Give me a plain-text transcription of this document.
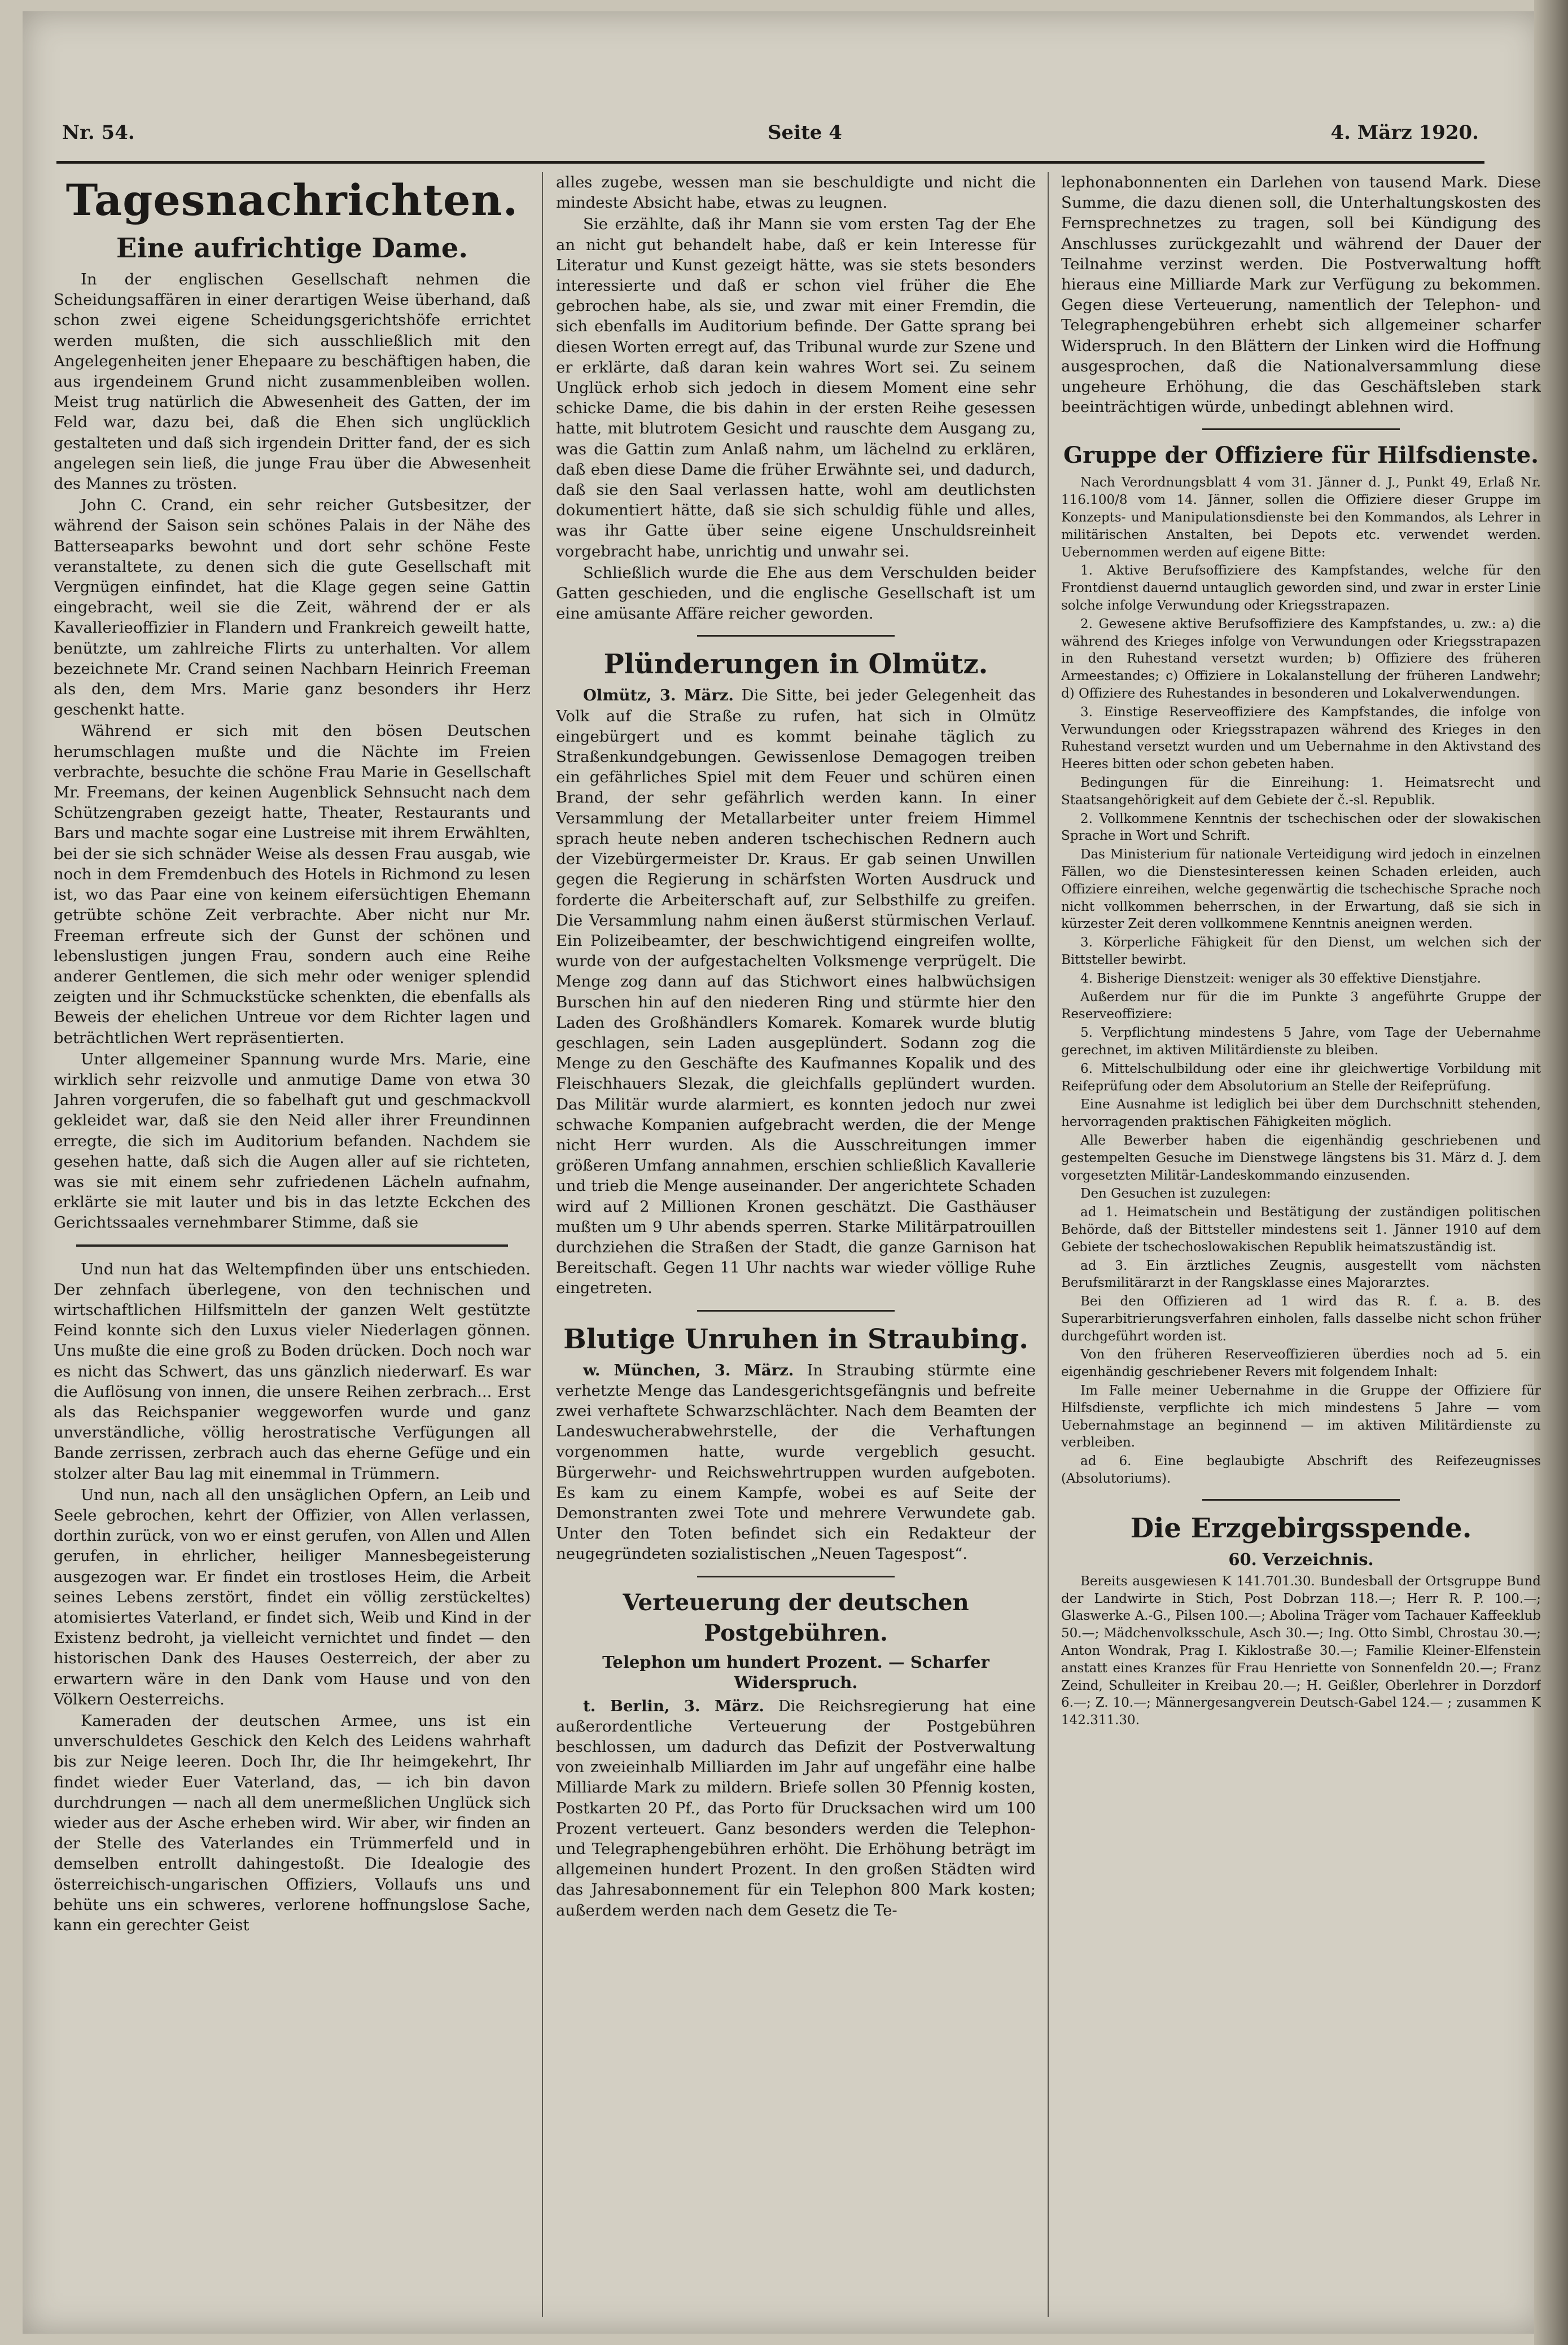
Nr. 54.	Seite 4	4. März 1920.
Tagesnachrichten.
Eine aufrichtige Dame.

In der englischen Gesellschaft nehmen die Scheidungsaffären in einer derartigen Weise überhand, daß schon zwei eigene Scheidungsgerichtshöfe errichtet werden mußten, die sich ausschließlich mit den Angelegenheiten jener Ehepaare zu beschäftigen haben, die aus irgendeinem Grund nicht zusammenbleiben wollen. Meist trug natürlich die Abwesenheit des Gatten, der im Feld war, dazu bei, daß die Ehen sich unglücklich gestalteten und daß sich irgendein Dritter fand, der es sich angelegen sein ließ, die junge Frau über die Abwesenheit des Mannes zu trösten.

John C. Crand, ein sehr reicher Gutsbesitzer, der während der Saison sein schönes Palais in der Nähe des Batterseaparks bewohnt und dort sehr schöne Feste veranstaltete, zu denen sich die gute Gesellschaft mit Vergnügen einfindet, hat die Klage gegen seine Gattin eingebracht, weil sie die Zeit, während der er als Kavallerieoffizier in Flandern und Frankreich geweilt hatte, benützte, um zahlreiche Flirts zu unterhalten. Vor allem bezeichnete Mr. Crand seinen Nachbarn Heinrich Freeman als den, dem Mrs. Marie ganz besonders ihr Herz geschenkt hatte.

Während er sich mit den bösen Deutschen herumschlagen mußte und die Nächte im Freien verbrachte, besuchte die schöne Frau Marie in Gesellschaft Mr. Freemans, der keinen Augenblick Sehnsucht nach dem Schützengraben gezeigt hatte, Theater, Restaurants und Bars und machte sogar eine Lustreise mit ihrem Erwählten, bei der sie sich schnäder Weise als dessen Frau ausgab, wie noch in dem Fremdenbuch des Hotels in Richmond zu lesen ist, wo das Paar eine von keinem eifersüchtigen Ehemann getrübte schöne Zeit verbrachte. Aber nicht nur Mr. Freeman erfreute sich der Gunst der schönen und lebenslustigen jungen Frau, sondern auch eine Reihe anderer Gentlemen, die sich mehr oder weniger splendid zeigten und ihr Schmuckstücke schenkten, die ebenfalls als Beweis der ehelichen Untreue vor dem Richter lagen und beträchtlichen Wert repräsentierten.

Unter allgemeiner Spannung wurde Mrs. Marie, eine wirklich sehr reizvolle und anmutige Dame von etwa 30 Jahren vorgerufen, die so fabelhaft gut und geschmackvoll gekleidet war, daß sie den Neid aller ihrer Freundinnen erregte, die sich im Auditorium befanden. Nachdem sie gesehen hatte, daß sich die Augen aller auf sie richteten, was sie mit einem sehr zufriedenen Lächeln aufnahm, erklärte sie mit lauter und bis in das letzte Eckchen des Gerichtssaales vernehmbarer Stimme, daß sie

Und nun hat das Weltempfinden über uns entschieden. Der zehnfach überlegene, von den technischen und wirtschaftlichen Hilfsmitteln der ganzen Welt gestützte Feind konnte sich den Luxus vieler Niederlagen gönnen. Uns mußte die eine groß zu Boden drücken. Doch noch war es nicht das Schwert, das uns gänzlich niederwarf. Es war die Auflösung von innen, die unsere Reihen zerbrach... Erst als das Reichspanier weggeworfen wurde und ganz unverständliche, völlig herostratische Verfügungen all Bande zerrissen, zerbrach auch das eherne Gefüge und ein stolzer alter Bau lag mit einemmal in Trümmern.

Und nun, nach all den unsäglichen Opfern, an Leib und Seele gebrochen, kehrt der Offizier, von Allen verlassen, dorthin zurück, von wo er einst gerufen, von Allen und Allen gerufen, in ehrlicher, heiliger Mannesbegeisterung ausgezogen war. Er findet ein trostloses Heim, die Arbeit seines Lebens zerstört, findet ein völlig zerstückeltes) atomisiertes Vaterland, er findet sich, Weib und Kind in der Existenz bedroht, ja vielleicht vernichtet und findet — den historischen Dank des Hauses Oesterreich, der aber zu erwartern wäre in den Dank vom Hause und von den Völkern Oesterreichs.

Kameraden der deutschen Armee, uns ist ein unverschuldetes Geschick den Kelch des Leidens wahrhaft bis zur Neige leeren. Doch Ihr, die Ihr heimgekehrt, Ihr findet wieder Euer Vaterland, das, — ich bin davon durchdrungen — nach all dem unermeßlichen Unglück sich wieder aus der Asche erheben wird. Wir aber, wir finden an der Stelle des Vaterlandes ein Trümmerfeld und in demselben entrollt dahingestoßt. Die Idealogie des österreichisch-ungarischen Offiziers, Vollaufs uns und behüte uns ein schweres, verlorene hoffnungslose Sache, kann ein gerechter Geist

alles zugebe, wessen man sie beschuldigte und nicht die mindeste Absicht habe, etwas zu leugnen.

Sie erzählte, daß ihr Mann sie vom ersten Tag der Ehe an nicht gut behandelt habe, daß er kein Interesse für Literatur und Kunst gezeigt hätte, was sie stets besonders interessierte und daß er schon viel früher die Ehe gebrochen habe, als sie, und zwar mit einer Fremdin, die sich ebenfalls im Auditorium befinde. Der Gatte sprang bei diesen Worten erregt auf, das Tribunal wurde zur Szene und er erklärte, daß daran kein wahres Wort sei. Zu seinem Unglück erhob sich jedoch in diesem Moment eine sehr schicke Dame, die bis dahin in der ersten Reihe gesessen hatte, mit blutrotem Gesicht und rauschte dem Ausgang zu, was die Gattin zum Anlaß nahm, um lächelnd zu erklären, daß eben diese Dame die früher Erwähnte sei, und dadurch, daß sie den Saal verlassen hatte, wohl am deutlichsten dokumentiert hätte, daß sie sich schuldig fühle und alles, was ihr Gatte über seine eigene Unschuldsreinheit vorgebracht habe, unrichtig und unwahr sei.

Schließlich wurde die Ehe aus dem Verschulden beider Gatten geschieden, und die englische Gesellschaft ist um eine amüsante Affäre reicher geworden.

Plünderungen in Olmütz.

Olmütz, 3. März. Die Sitte, bei jeder Gelegenheit das Volk auf die Straße zu rufen, hat sich in Olmütz eingebürgert und es kommt beinahe täglich zu Straßenkundgebungen. Gewissenlose Demagogen treiben ein gefährliches Spiel mit dem Feuer und schüren einen Brand, der sehr gefährlich werden kann. In einer Versammlung der Metallarbeiter unter freiem Himmel sprach heute neben anderen tschechischen Rednern auch der Vizebürgermeister Dr. Kraus. Er gab seinen Unwillen gegen die Regierung in schärfsten Worten Ausdruck und forderte die Arbeiterschaft auf, zur Selbsthilfe zu greifen. Die Versammlung nahm einen äußerst stürmischen Verlauf. Ein Polizeibeamter, der beschwichtigend eingreifen wollte, wurde von der aufgestachelten Volksmenge verprügelt. Die Menge zog dann auf das Stichwort eines halbwüchsigen Burschen hin auf den niederen Ring und stürmte hier den Laden des Großhändlers Komarek. Komarek wurde blutig geschlagen, sein Laden ausgeplündert. Sodann zog die Menge zu den Geschäfte des Kaufmannes Kopalik und des Fleischhauers Slezak, die gleichfalls geplündert wurden. Das Militär wurde alarmiert, es konnten jedoch nur zwei schwache Kompanien aufgebracht werden, die der Menge nicht Herr wurden. Als die Ausschreitungen immer größeren Umfang annahmen, erschien schließlich Kavallerie und trieb die Menge auseinander. Der angerichtete Schaden wird auf 2 Millionen Kronen geschätzt. Die Gasthäuser mußten um 9 Uhr abends sperren. Starke Militärpatrouillen durchziehen die Straßen der Stadt, die ganze Garnison hat Bereitschaft. Gegen 11 Uhr nachts war wieder völlige Ruhe eingetreten.

Blutige Unruhen in Straubing.

w. München, 3. März. In Straubing stürmte eine verhetzte Menge das Landesgerichtsgefängnis und befreite zwei verhaftete Schwarzschlächter. Nach dem Beamten der Landeswucherabwehrstelle, der die Verhaftungen vorgenommen hatte, wurde vergeblich gesucht. Bürgerwehr- und Reichswehrtruppen wurden aufgeboten. Es kam zu einem Kampfe, wobei es auf Seite der Demonstranten zwei Tote und mehrere Verwundete gab. Unter den Toten befindet sich ein Redakteur der neugegründeten sozialistischen „Neuen Tagespost“.

Verteuerung der deutschen Postgebühren.
Telephon um hundert Prozent. — Scharfer Widerspruch.

t. Berlin, 3. März. Die Reichsregierung hat eine außerordentliche Verteuerung der Postgebühren beschlossen, um dadurch das Defizit der Postverwaltung von zweieinhalb Milliarden im Jahr auf ungefähr eine halbe Milliarde Mark zu mildern. Briefe sollen 30 Pfennig kosten, Postkarten 20 Pf., das Porto für Drucksachen wird um 100 Prozent verteuert. Ganz besonders werden die Telephon- und Telegraphengebühren erhöht. Die Erhöhung beträgt im allgemeinen hundert Prozent. In den großen Städten wird das Jahresabonnement für ein Telephon 800 Mark kosten; außerdem werden nach dem Gesetz die Te-

lephonabonnenten ein Darlehen von tausend Mark. Diese Summe, die dazu dienen soll, die Unterhaltungskosten des Fernsprechnetzes zu tragen, soll bei Kündigung des Anschlusses zurückgezahlt und während der Dauer der Teilnahme verzinst werden. Die Postverwaltung hofft hieraus eine Milliarde Mark zur Verfügung zu bekommen. Gegen diese Verteuerung, namentlich der Telephon- und Telegraphengebühren erhebt sich allgemeiner scharfer Widerspruch. In den Blättern der Linken wird die Hoffnung ausgesprochen, daß die Nationalversammlung diese ungeheure Erhöhung, die das Geschäftsleben stark beeinträchtigen würde, unbedingt ablehnen wird.

Gruppe der Offiziere für Hilfsdienste.

Nach Verordnungsblatt 4 vom 31. Jänner d. J., Punkt 49, Erlaß Nr. 116.100/8 vom 14. Jänner, sollen die Offiziere dieser Gruppe im Konzepts- und Manipulationsdienste bei den Kommandos, als Lehrer in militärischen Anstalten, bei Depots etc. verwendet werden. Uebernommen werden auf eigene Bitte:

1. Aktive Berufsoffiziere des Kampfstandes, welche für den Frontdienst dauernd untauglich geworden sind, und zwar in erster Linie solche infolge Verwundung oder Kriegsstrapazen.

2. Gewesene aktive Berufsoffiziere des Kampfstandes, u. zw.: a) die während des Krieges infolge von Verwundungen oder Kriegsstrapazen in den Ruhestand versetzt wurden; b) Offiziere des früheren Armeestandes; c) Offiziere in Lokalanstellung der früheren Landwehr; d) Offiziere des Ruhestandes in besonderen und Lokalverwendungen.

3. Einstige Reserveoffiziere des Kampfstandes, die infolge von Verwundungen oder Kriegsstrapazen während des Krieges in den Ruhestand versetzt wurden und um Uebernahme in den Aktivstand des Heeres bitten oder schon gebeten haben.

Bedingungen für die Einreihung: 1. Heimatsrecht und Staatsangehörigkeit auf dem Gebiete der č.-sl. Republik.

2. Vollkommene Kenntnis der tschechischen oder der slowakischen Sprache in Wort und Schrift.

Das Ministerium für nationale Verteidigung wird jedoch in einzelnen Fällen, wo die Dienstesinteressen keinen Schaden erleiden, auch Offiziere einreihen, welche gegenwärtig die tschechische Sprache noch nicht vollkommen beherrschen, in der Erwartung, daß sie sich in kürzester Zeit deren vollkommene Kenntnis aneignen werden.

3. Körperliche Fähigkeit für den Dienst, um welchen sich der Bittsteller bewirbt.

4. Bisherige Dienstzeit: weniger als 30 effektive Dienstjahre.

Außerdem nur für die im Punkte 3 angeführte Gruppe der Reserveoffiziere:

5. Verpflichtung mindestens 5 Jahre, vom Tage der Uebernahme gerechnet, im aktiven Militärdienste zu bleiben.

6. Mittelschulbildung oder eine ihr gleichwertige Vorbildung mit Reifeprüfung oder dem Absolutorium an Stelle der Reifeprüfung.

Eine Ausnahme ist lediglich bei über dem Durchschnitt stehenden, hervorragenden praktischen Fähigkeiten möglich.

Alle Bewerber haben die eigenhändig geschriebenen und gestempelten Gesuche im Dienstwege längstens bis 31. März d. J. dem vorgesetzten Militär-Landeskommando einzusenden.

Den Gesuchen ist zuzulegen:

ad 1. Heimatschein und Bestätigung der zuständigen politischen Behörde, daß der Bittsteller mindestens seit 1. Jänner 1910 auf dem Gebiete der tschechoslowakischen Republik heimatszuständig ist.

ad 3. Ein ärztliches Zeugnis, ausgestellt vom nächsten Berufsmilitärarzt in der Rangsklasse eines Majorarztes.

Bei den Offizieren ad 1 wird das R. f. a. B. des Superarbitrierungsverfahren einholen, falls dasselbe nicht schon früher durchgeführt worden ist.

Von den früheren Reserveoffizieren überdies noch ad 5. ein eigenhändig geschriebener Revers mit folgendem Inhalt:

Im Falle meiner Uebernahme in die Gruppe der Offiziere für Hilfsdienste, verpflichte ich mich mindestens 5 Jahre — vom Uebernahmstage an beginnend — im aktiven Militärdienste zu verbleiben.

ad 6. Eine beglaubigte Abschrift des Reifezeugnisses (Absolutoriums).

Die Erzgebirgsspende.
60. Verzeichnis.

Bereits ausgewiesen K 141.701.30. Bundesball der Ortsgruppe Bund der Landwirte in Stich, Post Dobrzan 118.—; Herr R. P. 100.—; Glaswerke A.-G., Pilsen 100.—; Abolina Träger vom Tachauer Kaffeeklub 50.—; Mädchenvolksschule, Asch 30.—; Ing. Otto Simbl, Chrostau 30.—; Anton Wondrak, Prag I. Kiklostraße 30.—; Familie Kleiner-Elfenstein anstatt eines Kranzes für Frau Henriette von Sonnenfeldn 20.—; Franz Zeind, Schulleiter in Kreibau 20.—; H. Geißler, Oberlehrer in Dorzdorf 6.—; Z. 10.—; Männergesangverein Deutsch-Gabel 124.— ; zusammen K 142.311.30.
